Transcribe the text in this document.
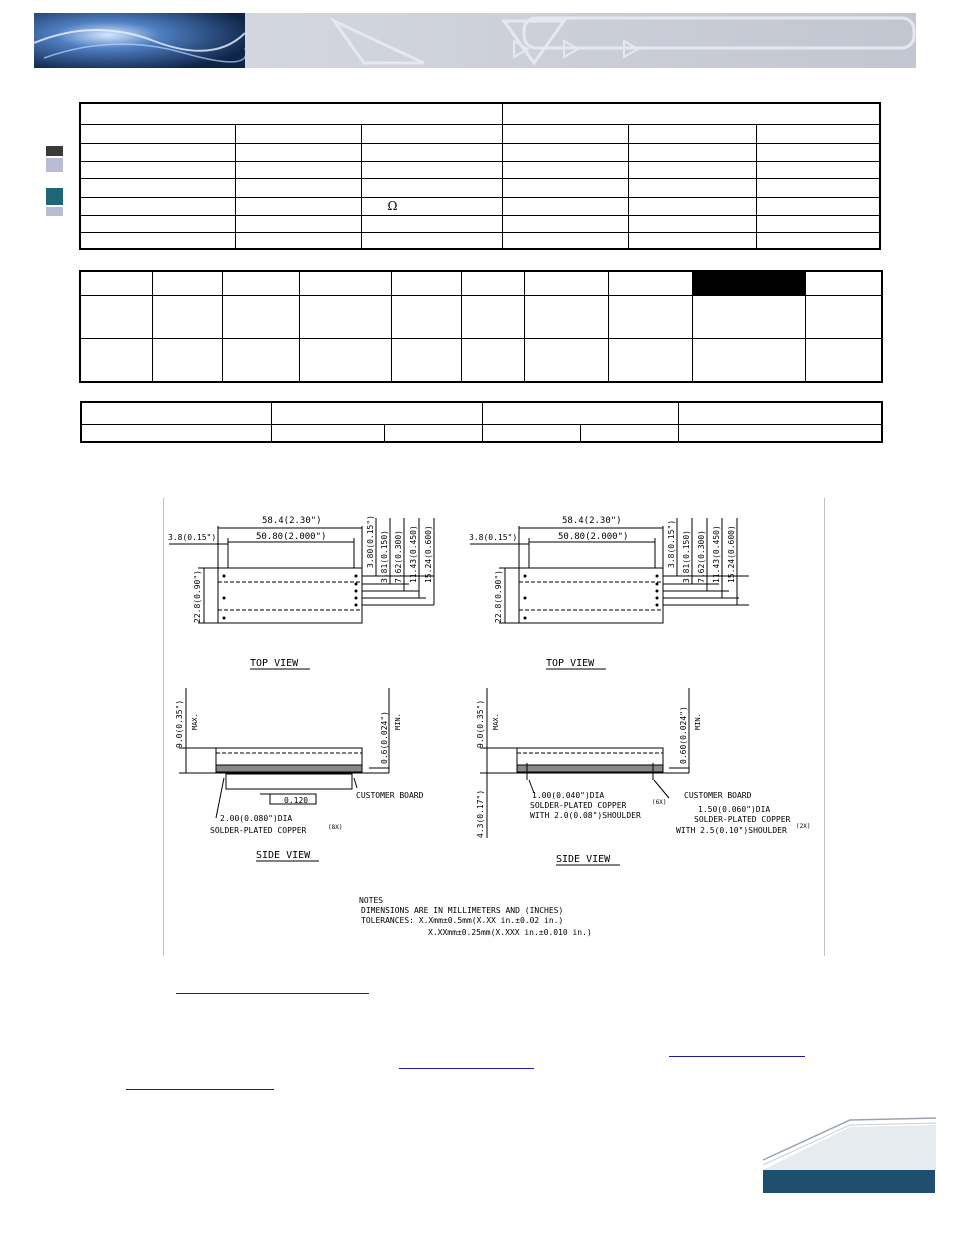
		Ω			

58.4(2.30")
3.8(0.15")	50.80(2.000")
22.8(0.90")
3.80(0.15") 3.81(0.150) 7.62(0.300) 11.43(0.450) 15.24(0.600)
TOP VIEW
58.4(2.30")
3.8(0.15")	50.80(2.000")
22.8(0.90")
3.8(0.15") 3.81(0.150) 7.62(0.300) 11.43(0.450) 15.24(0.600)
TOP VIEW
9.0(0.35") MAX.	0.6(0.024") MIN.
0.120
CUSTOMER BOARD
2.00(0.080")DIA
SOLDER-PLATED COPPER	(8X)
SIDE VIEW
9.0(0.35") MAX.	0.60(0.024") MIN.
1.00(0.040")DIA
SOLDER-PLATED COPPER	(6X)
WITH 2.0(0.08")SHOULDER
CUSTOMER BOARD
1.50(0.060")DIA
SOLDER-PLATED COPPER
WITH 2.5(0.10")SHOULDER (2X)
4.3(0.17")
SIDE VIEW
NOTES
DIMENSIONS ARE IN MILLIMETERS AND (INCHES)
TOLERANCES: X.Xmm±0.5mm(X.XX in.±0.02 in.)
X.XXmm±0.25mm(X.XXX in.±0.010 in.)
